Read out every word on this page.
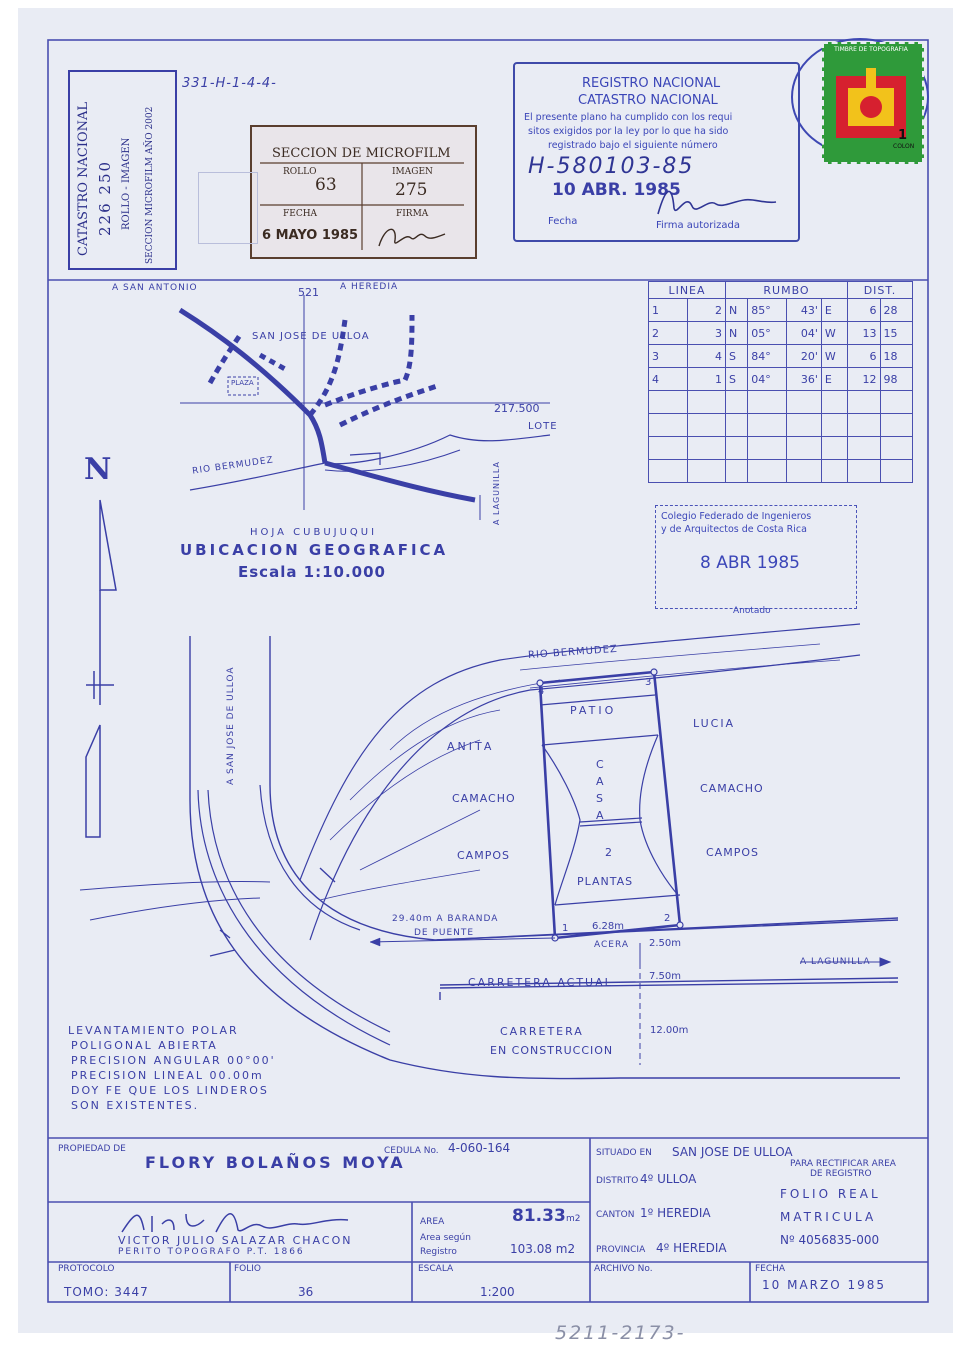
331-H-1-4-4-
CATASTRO NACIONAL 226 250 ROLLO - IMAGEN SECCION MICROFILM AÑO 2002	SECCION DE MICROFILM
ROLLO
63
IMAGEN
275
FECHA
6 MAYO 1985
FIRMA
REGISTRO NACIONAL
CATASTRO NACIONAL
El presente plano ha cumplido con los requi
sitos exigidos por la ley por lo que ha sido
registrado bajo el siguiente número
H-580103-85
10 ABR. 1985
Fecha	Firma autorizada
TIMBRE DE TOPOGRAFIA
1
COLON
A SAN ANTONIO	521 A HEREDIA
SAN JOSE DE ULLOA
PLAZA
217.500
LOTE
RIO BERMUDEZ	A LAGUNILLA
HOJA CUBUJUQUI
UBICACION GEOGRAFICA
Escala 1:10.000
LINEA		RUMBO				DIST.	
1	2	N	85°	43'	E	6	28
2	3	N	05°	04'	W	13	15
3	4	S	84°	20'	W	6	18
4	1	S	04°	36'	E	12	98

Colegio Federado de Ingenieros
y de Arquitectos de Costa Rica
8 ABR 1985
Anotado
N
A SAN JOSE DE ULLOA
RIO BERMUDEZ
PATIO
C
A
S
A
2
PLANTAS
ANITA
CAMACHO
CAMPOS
LUCIA
CAMACHO
CAMPOS
1
2
3
4
6.28m
29.40m A BARANDA
DE PUENTE
ACERA 2.50m
CARRETERA ACTUAL	7.50m
A LAGUNILLA
CARRETERA
EN CONSTRUCCION
12.00m
LEVANTAMIENTO POLAR
POLIGONAL ABIERTA
PRECISION ANGULAR 00°00'
PRECISION LINEAL 00.00m
DOY FE QUE LOS LINDEROS
SON EXISTENTES.
PROPIEDAD DE
FLORY BOLAÑOS MOYA
CEDULA No. 4-060-164
VICTOR JULIO SALAZAR CHACON
PERITO TOPOGRAFO P.T. 1866
AREA	81.33 m2
Area según
Registro	103.08 m2
SITUADO EN SAN JOSE DE ULLOA
PARA RECTIFICAR AREA
DE REGISTRO
DISTRITO 4º ULLOA
FOLIO REAL
CANTON 1º HEREDIA	MATRICULA
Nº 4056835-000
PROVINCIA 4º HEREDIA
PROTOCOLO
TOMO: 3447
FOLIO
36
ESCALA
1:200
ARCHIVO No.	FECHA
10 MARZO 1985
5211-2173-
